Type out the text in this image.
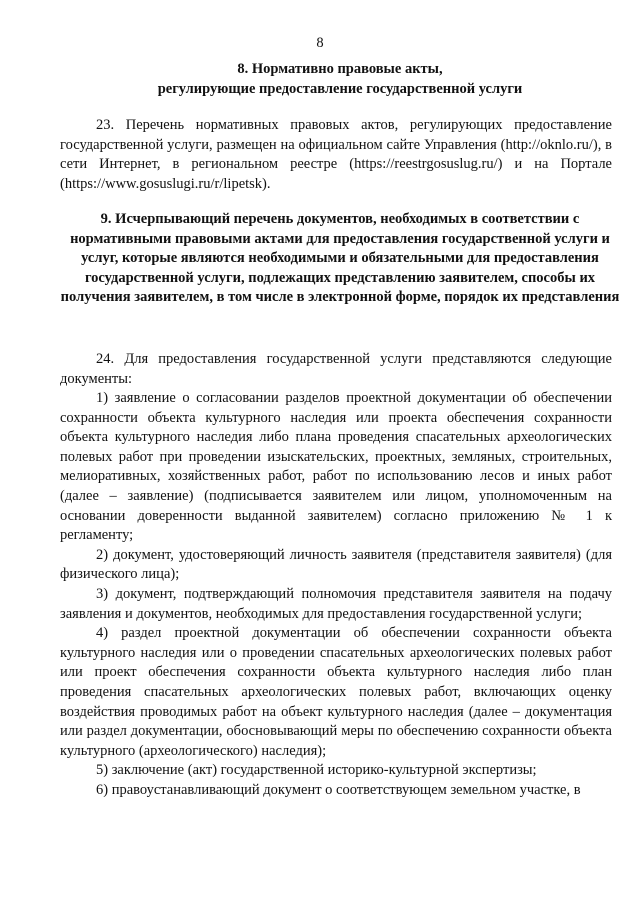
8
8. Нормативно правовые акты,
регулирующие предоставление государственной услуги

23. Перечень нормативных правовых актов, регулирующих предоставление государственной услуги, размещен на официальном сайте Управления (http://oknlo.ru/), в сети Интернет, в региональном реестре (https://reestrgosuslug.ru/) и на Портале (https://www.gosuslugi.ru/r/lipetsk).

9. Исчерпывающий перечень документов, необходимых в соответствии с нормативными правовыми актами для предоставления государственной услуги и услуг, которые являются необходимыми и обязательными для предоставления государственной услуги, подлежащих представлению заявителем, способы их получения заявителем, в том числе в электронной форме, порядок их представления

24. Для предоставления государственной услуги представляются следующие документы:

1) заявление о согласовании разделов проектной документации об обеспечении сохранности объекта культурного наследия или проекта обеспечения сохранности объекта культурного наследия либо плана проведения спасательных археологических полевых работ при проведении изыскательских, проектных, земляных, строительных, мелиоративных, хозяйственных работ, работ по использованию лесов и иных работ (далее – заявление) (подписывается заявителем или лицом, уполномоченным на основании доверенности выданной заявителем) согласно приложению № 1 к регламенту;

2) документ, удостоверяющий личность заявителя (представителя заявителя) (для физического лица);

3) документ, подтверждающий полномочия представителя заявителя на подачу заявления и документов, необходимых для предоставления государственной услуги;

4) раздел проектной документации об обеспечении сохранности объекта культурного наследия или о проведении спасательных археологических полевых работ или проект обеспечения сохранности объекта культурного наследия либо план проведения спасательных археологических полевых работ, включающих оценку воздействия проводимых работ на объект культурного наследия (далее – документация или раздел документации, обосновывающий меры по обеспечению сохранности объекта культурного (археологического) наследия);

5) заключение (акт) государственной историко-культурной экспертизы;

6) правоустанавливающий документ о соответствующем земельном участке, в
